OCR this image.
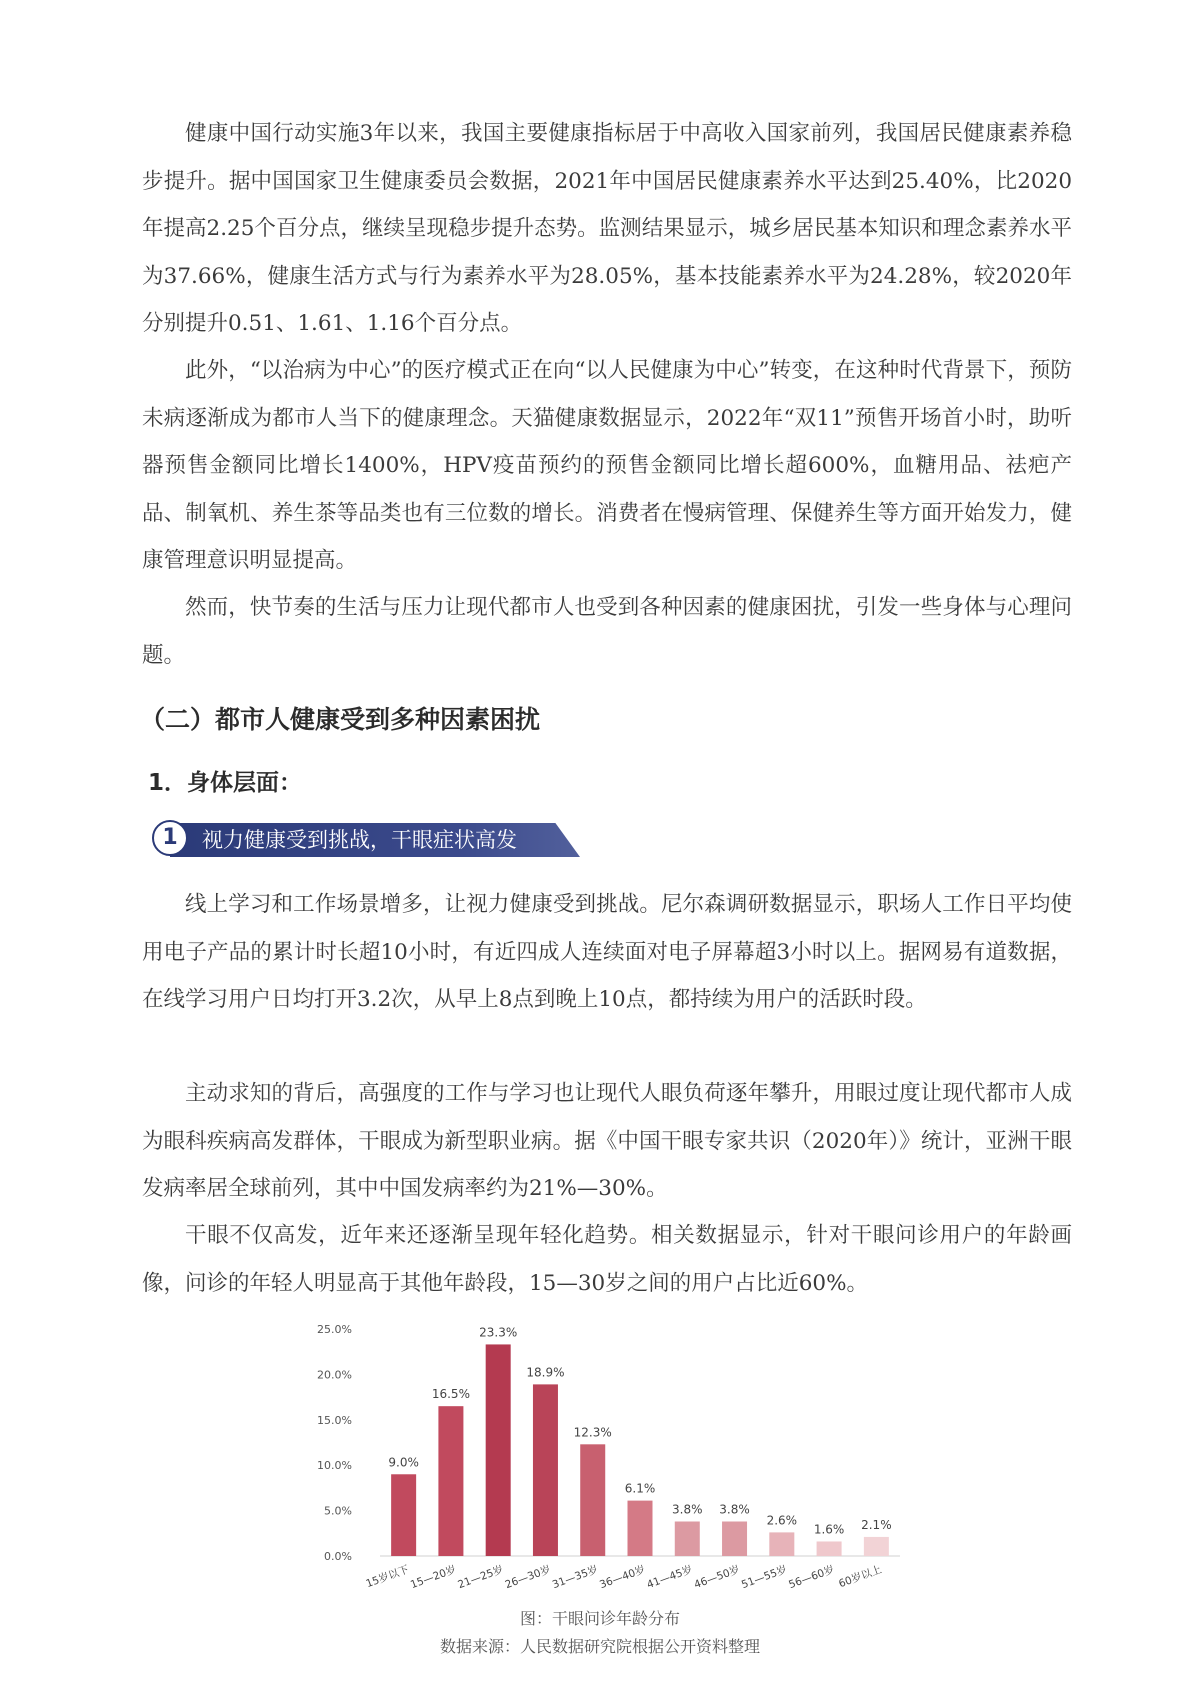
健康中国行动实施3年以来，我国主要健康指标居于中高收入国家前列，我国居民健康素养稳步提升。据中国国家卫生健康委员会数据，2021年中国居民健康素养水平达到25.40%，比2020年提高2.25个百分点，继续呈现稳步提升态势。监测结果显示，城乡居民基本知识和理念素养水平为37.66%，健康生活方式与行为素养水平为28.05%，基本技能素养水平为24.28%，较2020年分别提升0.51、1.61、1.16个百分点。

此外，“以治病为中心”的医疗模式正在向“以人民健康为中心”转变，在这种时代背景下，预防未病逐渐成为都市人当下的健康理念。天猫健康数据显示，2022年“双11”预售开场首小时，助听器预售金额同比增长1400%，HPV疫苗预约的预售金额同比增长超600%，血糖用品、祛疤产品、制氧机、养生茶等品类也有三位数的增长。消费者在慢病管理、保健养生等方面开始发力，健康管理意识明显提高。

然而，快节奏的生活与压力让现代都市人也受到各种因素的健康困扰，引发一些身体与心理问题。

（二）都市人健康受到多种因素困扰
1．身体层面：
1	视力健康受到挑战，干眼症状高发

线上学习和工作场景增多，让视力健康受到挑战。尼尔森调研数据显示，职场人工作日平均使用电子产品的累计时长超10小时，有近四成人连续面对电子屏幕超3小时以上。据网易有道数据，在线学习用户日均打开3.2次，从早上8点到晚上10点，都持续为用户的活跃时段。

主动求知的背后，高强度的工作与学习也让现代人眼负荷逐年攀升，用眼过度让现代都市人成为眼科疾病高发群体，干眼成为新型职业病。据《中国干眼专家共识（2020年）》统计，亚洲干眼发病率居全球前列，其中中国发病率约为21%—30%。

干眼不仅高发，近年来还逐渐呈现年轻化趋势。相关数据显示，针对干眼问诊用户的年龄画像，问诊的年轻人明显高于其他年龄段，15—30岁之间的用户占比近60%。

0.0%
5.0%
10.0%
15.0%
20.0%
25.0%
9.0%
15岁以下
16.5%
15—20岁
23.3%
21—25岁
18.9%
26—30岁
12.3%
31—35岁
6.1%
36—40岁
3.8%
41—45岁
3.8%
46—50岁
2.6%
51—55岁
1.6%
56—60岁
2.1%
60岁以上

图：干眼问诊年龄分布

数据来源：人民数据研究院根据公开资料整理
